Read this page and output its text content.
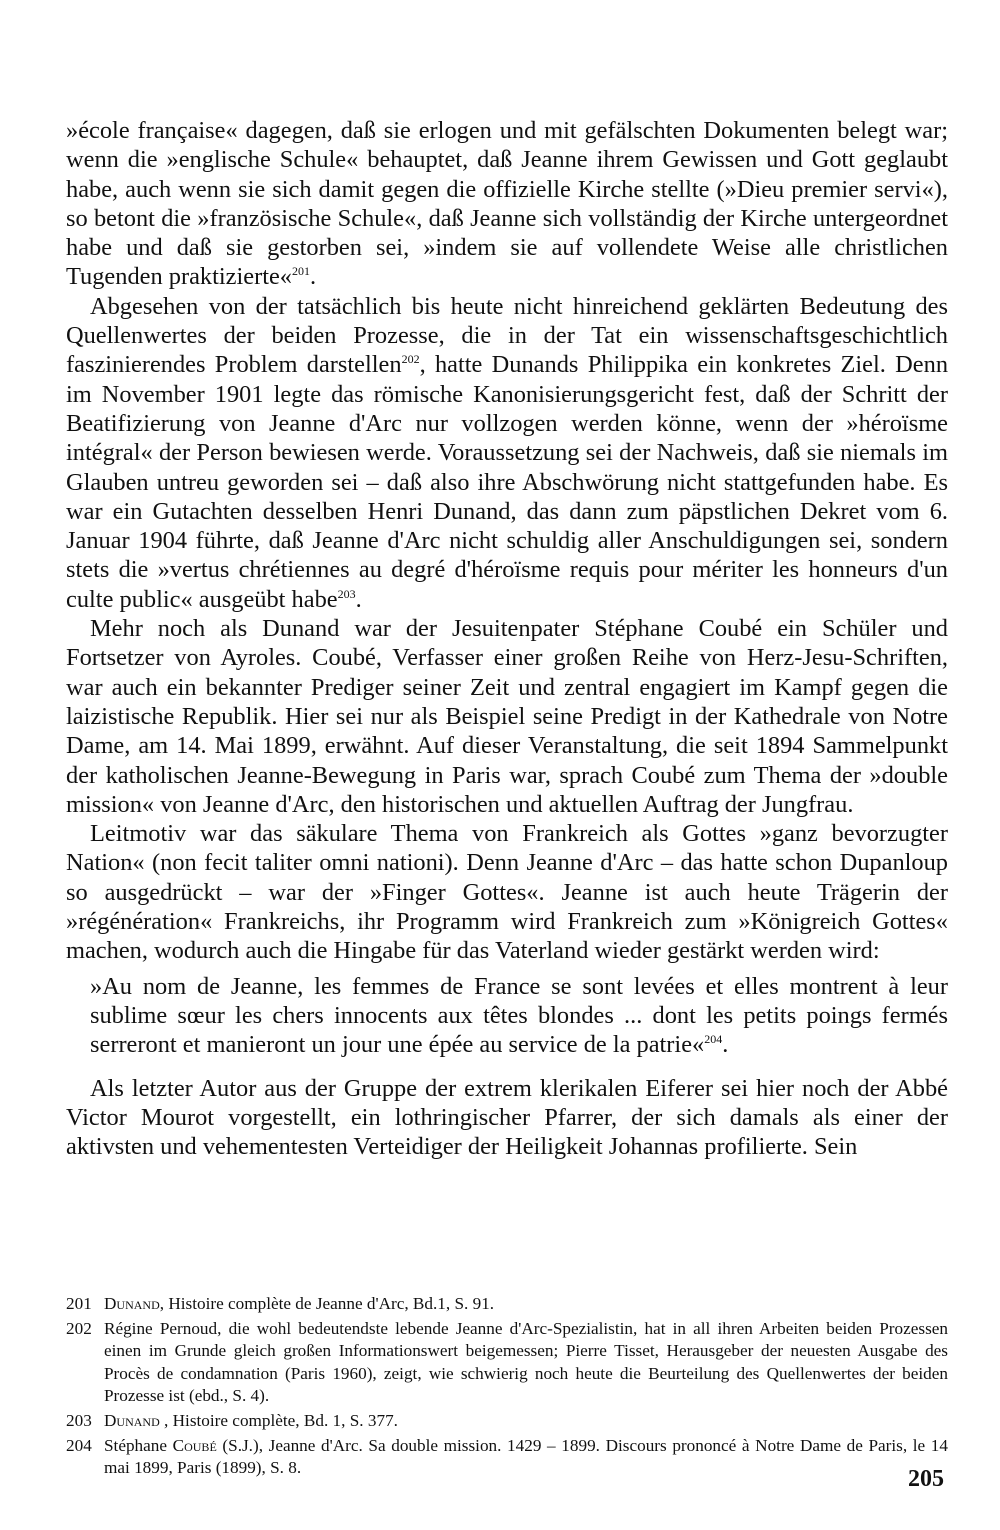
»école française« dagegen, daß sie erlogen und mit gefälschten Dokumenten belegt war; wenn die »englische Schule« behauptet, daß Jeanne ihrem Gewissen und Gott geglaubt habe, auch wenn sie sich damit gegen die offizielle Kirche stellte (»Dieu premier servi«), so betont die »französische Schule«, daß Jeanne sich vollständig der Kirche untergeordnet habe und daß sie gestorben sei, »indem sie auf vollendete Weise alle christlichen Tugenden praktizierte«$^{201}$.

Abgesehen von der tatsächlich bis heute nicht hinreichend geklärten Bedeutung des Quellenwertes der beiden Prozesse, die in der Tat ein wissenschaftsgeschichtlich faszinierendes Problem darstellen$^{202}$, hatte Dunands Philippika ein konkretes Ziel. Denn im November 1901 legte das römische Kanonisierungsgericht fest, daß der Schritt der Beatifizierung von Jeanne d'Arc nur vollzogen werden könne, wenn der »héroïsme intégral« der Person bewiesen werde. Voraussetzung sei der Nachweis, daß sie niemals im Glauben untreu geworden sei – daß also ihre Abschwörung nicht stattgefunden habe. Es war ein Gutachten desselben Henri Dunand, das dann zum päpstlichen Dekret vom 6. Januar 1904 führte, daß Jeanne d'Arc nicht schuldig aller Anschuldigungen sei, sondern stets die »vertus chrétiennes au degré d'héroïsme requis pour mériter les honneurs d'un culte public« ausgeübt habe$^{203}$.

Mehr noch als Dunand war der Jesuitenpater Stéphane Coubé ein Schüler und Fortsetzer von Ayroles. Coubé, Verfasser einer großen Reihe von Herz-Jesu-Schriften, war auch ein bekannter Prediger seiner Zeit und zentral engagiert im Kampf gegen die laizistische Republik. Hier sei nur als Beispiel seine Predigt in der Kathedrale von Notre Dame, am 14. Mai 1899, erwähnt. Auf dieser Veranstaltung, die seit 1894 Sammelpunkt der katholischen Jeanne-Bewegung in Paris war, sprach Coubé zum Thema der »double mission« von Jeanne d'Arc, den historischen und aktuellen Auftrag der Jungfrau.

Leitmotiv war das säkulare Thema von Frankreich als Gottes »ganz bevorzugter Nation« (non fecit taliter omni nationi). Denn Jeanne d'Arc – das hatte schon Dupanloup so ausgedrückt – war der »Finger Gottes«. Jeanne ist auch heute Trägerin der »régénération« Frankreichs, ihr Programm wird Frankreich zum »Königreich Gottes« machen, wodurch auch die Hingabe für das Vaterland wieder gestärkt werden wird:

»Au nom de Jeanne, les femmes de France se sont levées et elles montrent à leur sublime sœur les chers innocents aux têtes blondes ... dont les petits poings fermés serreront et manieront un jour une épée au service de la patrie«$^{204}$.

Als letzter Autor aus der Gruppe der extrem klerikalen Eiferer sei hier noch der Abbé Victor Mourot vorgestellt, ein lothringischer Pfarrer, der sich damals als einer der aktivsten und vehementesten Verteidiger der Heiligkeit Johannas profilierte. Sein

201 Dunand, Histoire complète de Jeanne d'Arc, Bd.1, S. 91.
202 Régine Pernoud, die wohl bedeutendste lebende Jeanne d'Arc-Spezialistin, hat in all ihren Arbeiten beiden Prozessen einen im Grunde gleich großen Informationswert beigemessen; Pierre Tisset, Herausgeber der neuesten Ausgabe des Procès de condamnation (Paris 1960), zeigt, wie schwierig noch heute die Beurteilung des Quellenwertes der beiden Prozesse ist (ebd., S. 4).
203 Dunand , Histoire complète, Bd. 1, S. 377.
204 Stéphane Coubé (S.J.), Jeanne d'Arc. Sa double mission. 1429 – 1899. Discours prononcé à Notre Dame de Paris, le 14 mai 1899, Paris (1899), S. 8.	205
